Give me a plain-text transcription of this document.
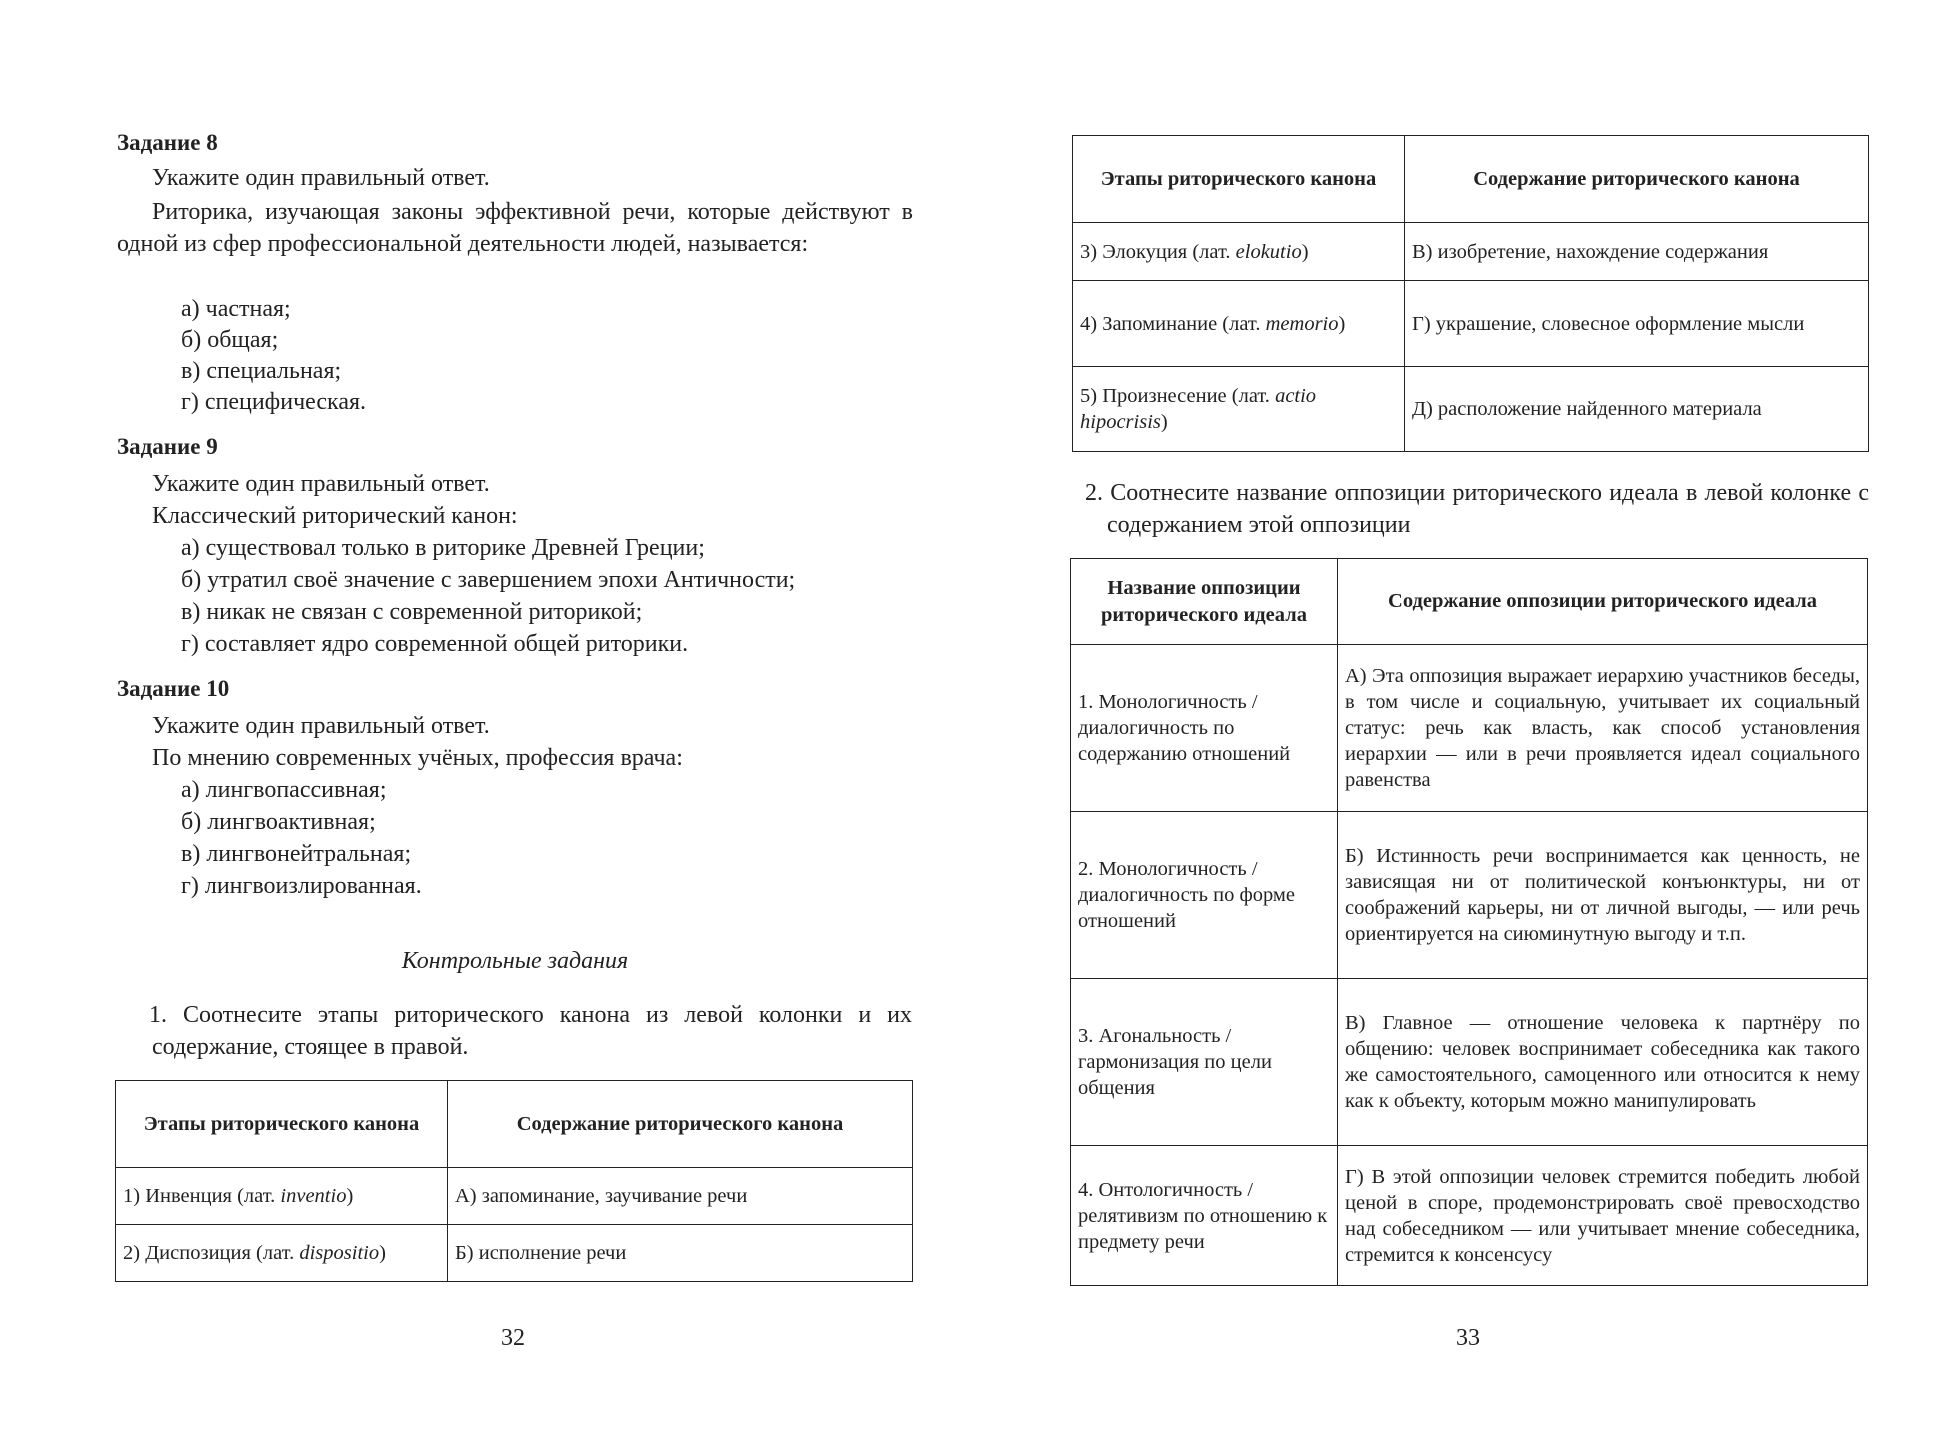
Задание 8
Укажите один правильный ответ.
Риторика, изучающая законы эффективной речи, которые действуют в одной из сфер профессиональной деятельности людей, называется:
а) частная;
б) общая;
в) специальная;
г) специфическая.
Задание 9
Укажите один правильный ответ.
Классический риторический канон:
а) существовал только в риторике Древней Греции;
б) утратил своё значение с завершением эпохи Античности;
в) никак не связан с современной риторикой;
г) составляет ядро современной общей риторики.
Задание 10
Укажите один правильный ответ.
По мнению современных учёных, профессия врача:
а) лингвопассивная;
б) лингвоактивная;
в) лингвонейтральная;
г) лингвоизлированная.
Контрольные задания
1. Соотнесите этапы риторического канона из левой колонки и их содержание, стоящее в правой.
Этапы риторического канона	Содержание риторического канона
1) Инвенция (лат. inventio)	А) запоминание, заучивание речи
2) Диспозиция (лат. dispositio)	Б) исполнение речи
32
Этапы риторического канона	Содержание риторического канона
3) Элокуция (лат. elokutio)	В) изобретение, нахождение содержания
4) Запоминание (лат. memorio)	Г) украшение, словесное оформление мысли
5) Произнесение (лат. actio hipocrisis)	Д) расположение найденного материала
2. Соотнесите название оппозиции риторического идеала в левой колонке с содержанием этой оппозиции
Название оппозиции риторического идеала	Содержание оппозиции риторического идеала
1. Монологичность / диалогичность по содержанию отношений	А) Эта оппозиция выражает иерархию участников беседы, в том числе и социальную, учитывает их социальный статус: речь как власть, как способ установления иерархии — или в речи проявляется идеал социального равенства
2. Монологичность / диалогичность по форме отношений	Б) Истинность речи воспринимается как ценность, не зависящая ни от политической конъюнктуры, ни от соображений карьеры, ни от личной выгоды, — или речь ориентируется на сиюминутную выгоду и т.п.
3. Агональность / гармонизация по цели общения	В) Главное — отношение человека к партнёру по общению: человек воспринимает собеседника как такого же самостоятельного, самоценного или относится к нему как к объекту, которым можно манипулировать
4. Онтологичность / релятивизм по отношению к предмету речи	Г) В этой оппозиции человек стремится победить любой ценой в споре, продемонстрировать своё превосходство над собеседником — или учитывает мнение собеседника, стремится к консенсусу
33
